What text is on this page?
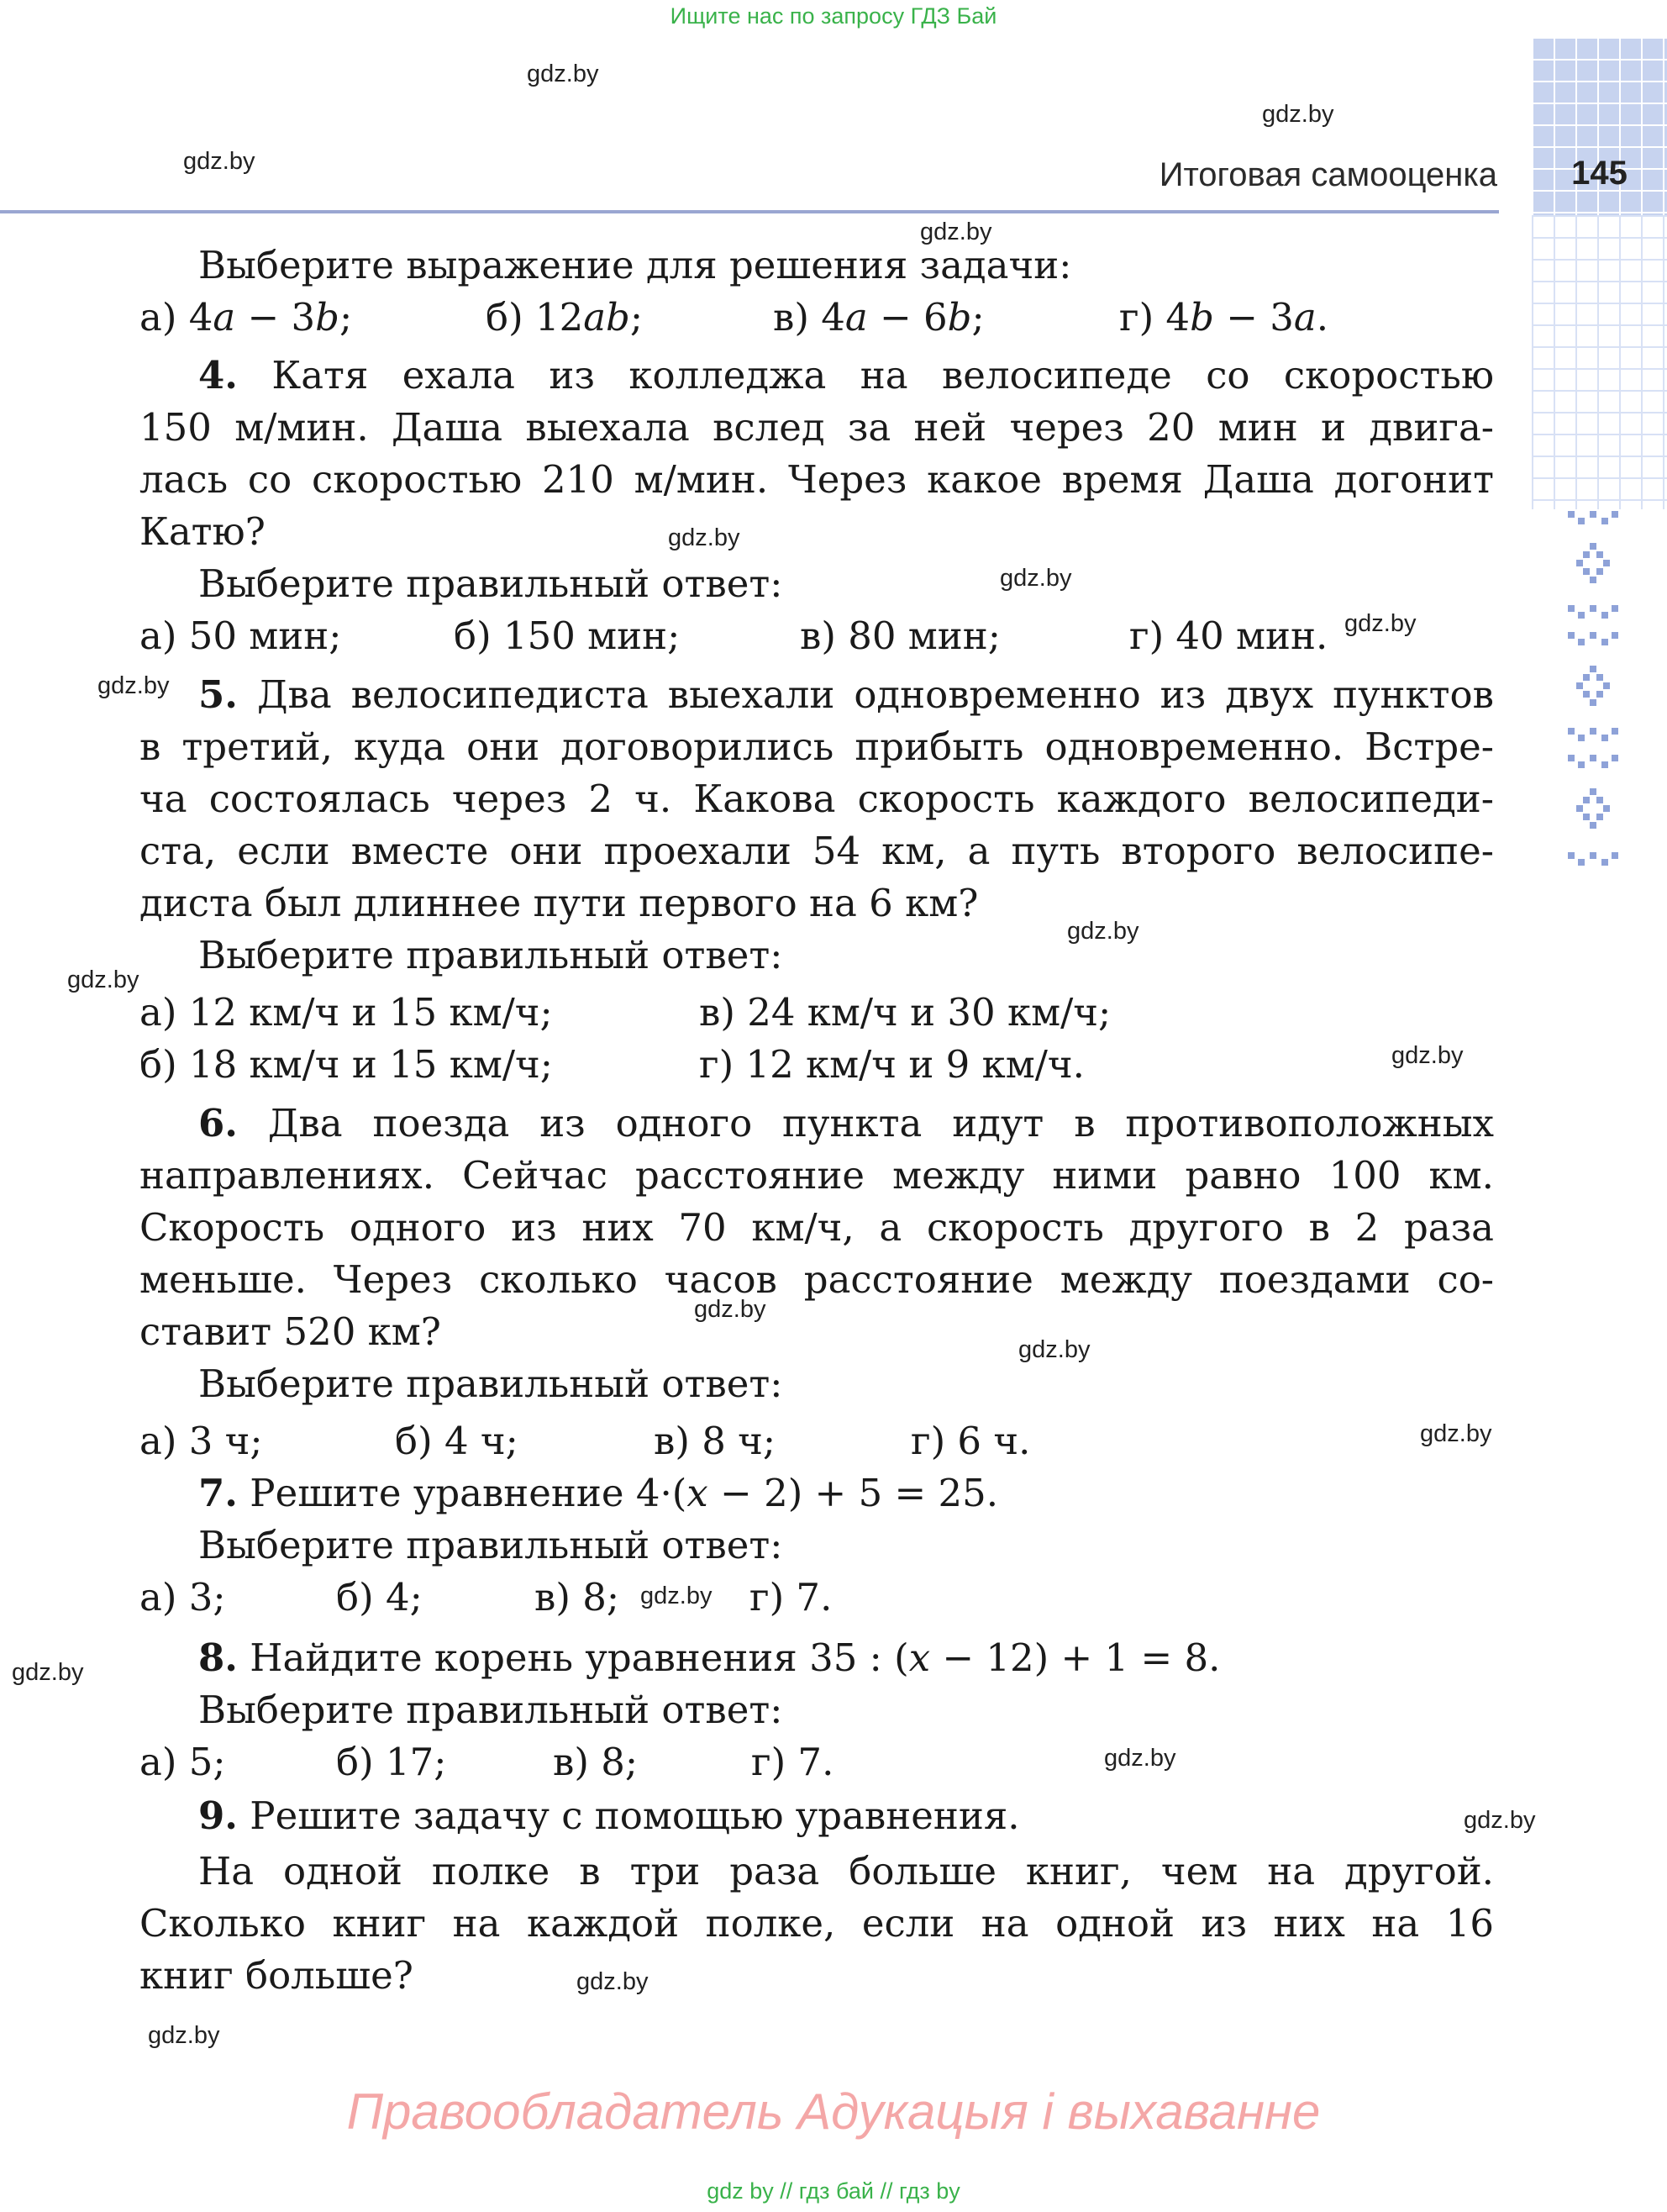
Ищите нас по запросу ГДЗ Бай
145
Итоговая самооценка
gdz.by
gdz.by
gdz.by
gdz.by
gdz.by
gdz.by
gdz.by
gdz.by
gdz.by
gdz.by
gdz.by
gdz.by
gdz.by
gdz.by
gdz.by
gdz.by
gdz.by
gdz.by
gdz.by
gdz.by
Выберите выражение для решения задачи:
а) 4a − 3b;	б) 12ab;	в) 4a − 6b;	г) 4b − 3a.
4. Катя ехала из колледжа на велосипеде со скоростью
150 м/мин. Даша выехала вслед за ней через 20 мин и двига-
лась со скоростью 210 м/мин. Через какое время Даша догонит
Катю?
Выберите правильный ответ:
а) 50 мин;	б) 150 мин;	в) 80 мин;	г) 40 мин.
5. Два велосипедиста выехали одновременно из двух пунктов
в третий, куда они договорились прибыть одновременно. Встре-
ча состоялась через 2 ч. Какова скорость каждого велосипеди-
ста, если вместе они проехали 54 км, а путь второго велосипе-
диста был длиннее пути первого на 6 км?
Выберите правильный ответ:
а) 12 км/ч и 15 км/ч;	в) 24 км/ч и 30 км/ч;
б) 18 км/ч и 15 км/ч;	г) 12 км/ч и 9 км/ч.
6. Два поезда из одного пункта идут в противоположных
направлениях. Сейчас расстояние между ними равно 100 км.
Скорость одного из них 70 км/ч, а скорость другого в 2 раза
меньше. Через сколько часов расстояние между поездами со-
ставит 520 км?
Выберите правильный ответ:
а) 3 ч;	б) 4 ч;	в) 8 ч;	г) 6 ч.
7. Решите уравнение 4·(x − 2) + 5 = 25.
Выберите правильный ответ:
а) 3;	б) 4;	в) 8;	г) 7.
8. Найдите корень уравнения 35 : (x − 12) + 1 = 8.
Выберите правильный ответ:
а) 5;	б) 17;	в) 8;	г) 7.
9. Решите задачу с помощью уравнения.
На одной полке в три раза больше книг, чем на другой.
Сколько книг на каждой полке, если на одной из них на 16
книг больше?
Правообладатель Адукацыя і выхаванне
gdz by // гдз бай // гдз by
